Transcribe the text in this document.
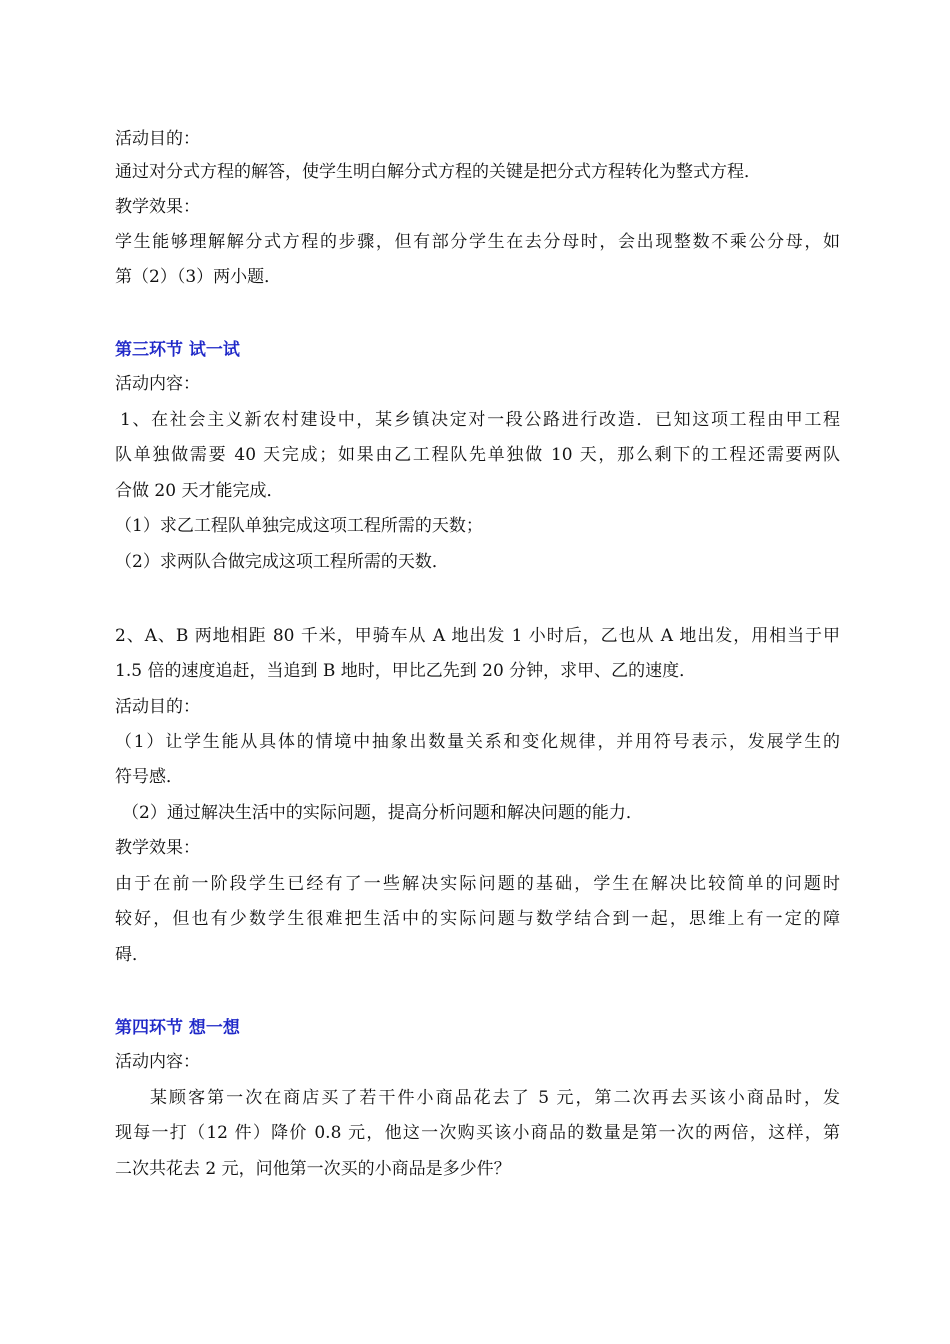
活动目的：
通过对分式方程的解答，使学生明白解分式方程的关键是把分式方程转化为整式方程．
教学效果：
学生能够理解解分式方程的步骤，但有部分学生在去分母时，会出现整数不乘公分母，如
第（2）（3）两小题．
第三环节 试一试
活动内容：
1、在社会主义新农村建设中，某乡镇决定对一段公路进行改造．已知这项工程由甲工程
队单独做需要 40 天完成；如果由乙工程队先单独做 10 天，那么剩下的工程还需要两队
合做 20 天才能完成．
（1）求乙工程队单独完成这项工程所需的天数；
（2）求两队合做完成这项工程所需的天数．
2、A、B 两地相距 80 千米，甲骑车从 A 地出发 1 小时后，乙也从 A 地出发，用相当于甲
1.5 倍的速度追赶，当追到 B 地时，甲比乙先到 20 分钟，求甲、乙的速度．
活动目的：
（1）让学生能从具体的情境中抽象出数量关系和变化规律，并用符号表示，发展学生的
符号感．
（2）通过解决生活中的实际问题，提高分析问题和解决问题的能力．
教学效果：
由于在前一阶段学生已经有了一些解决实际问题的基础，学生在解决比较简单的问题时
较好，但也有少数学生很难把生活中的实际问题与数学结合到一起，思维上有一定的障
碍．
第四环节 想一想
活动内容：
某顾客第一次在商店买了若干件小商品花去了 5 元，第二次再去买该小商品时，发
现每一打（12 件）降价 0.8 元，他这一次购买该小商品的数量是第一次的两倍，这样，第
二次共花去 2 元，问他第一次买的小商品是多少件？
